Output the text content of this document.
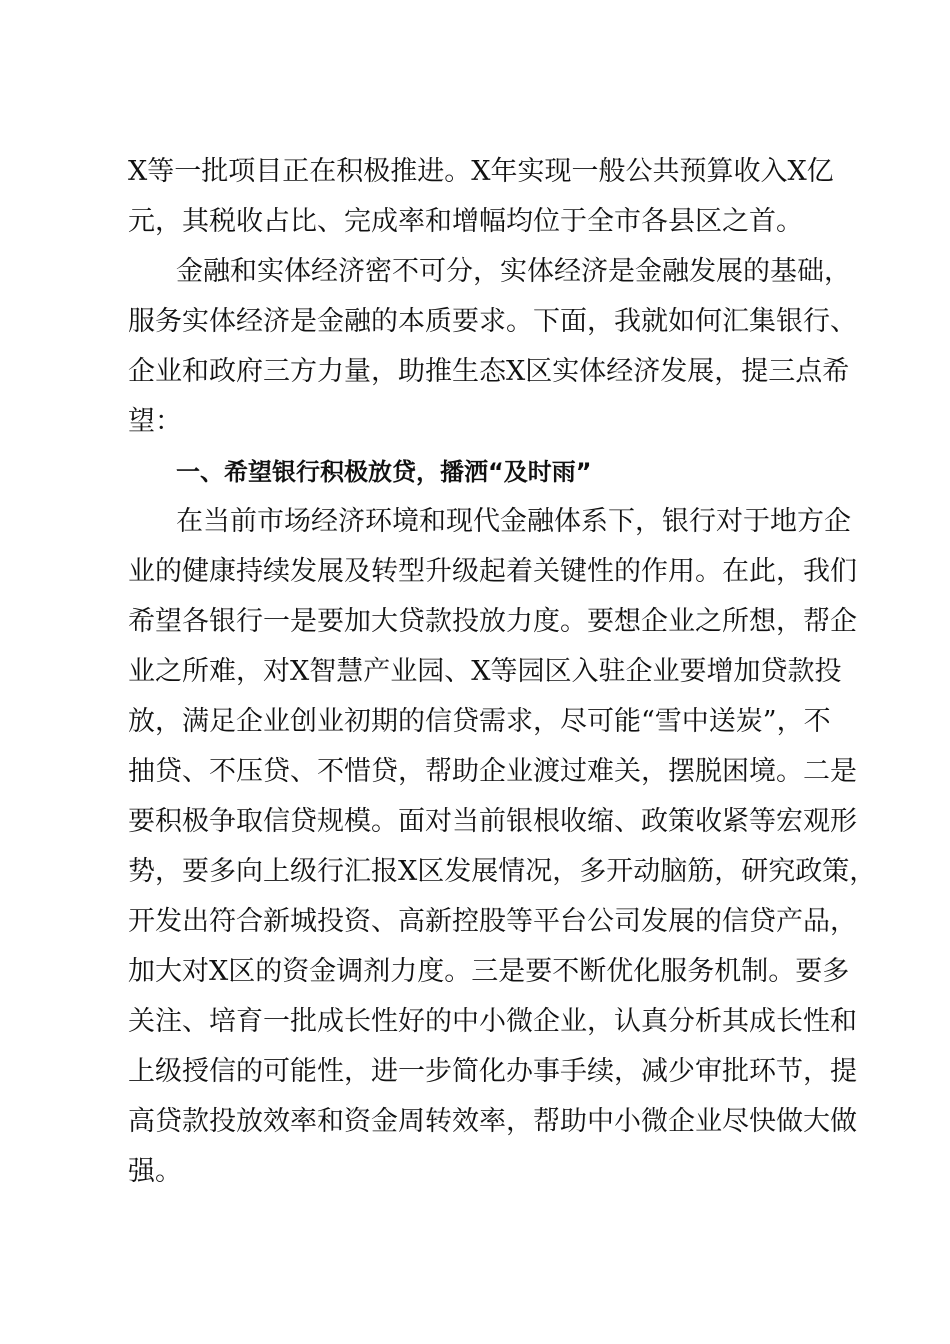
X等一批项目正在积极推进。X年实现一般公共预算收入X亿
元，其税收占比、完成率和增幅均位于全市各县区之首。
金融和实体经济密不可分，实体经济是金融发展的基础，
服务实体经济是金融的本质要求。下面，我就如何汇集银行、
企业和政府三方力量，助推生态X区实体经济发展，提三点希
望：
一、希望银行积极放贷，播洒“及时雨”
在当前市场经济环境和现代金融体系下，银行对于地方企
业的健康持续发展及转型升级起着关键性的作用。在此，我们
希望各银行一是要加大贷款投放力度。要想企业之所想，帮企
业之所难，对X智慧产业园、X等园区入驻企业要增加贷款投
放，满足企业创业初期的信贷需求，尽可能“雪中送炭”，不
抽贷、不压贷、不惜贷，帮助企业渡过难关，摆脱困境。二是
要积极争取信贷规模。面对当前银根收缩、政策收紧等宏观形
势，要多向上级行汇报X区发展情况，多开动脑筋，研究政策，
开发出符合新城投资、高新控股等平台公司发展的信贷产品，
加大对X区的资金调剂力度。三是要不断优化服务机制。要多
关注、培育一批成长性好的中小微企业，认真分析其成长性和
上级授信的可能性，进一步简化办事手续，减少审批环节，提
高贷款投放效率和资金周转效率，帮助中小微企业尽快做大做
强。
